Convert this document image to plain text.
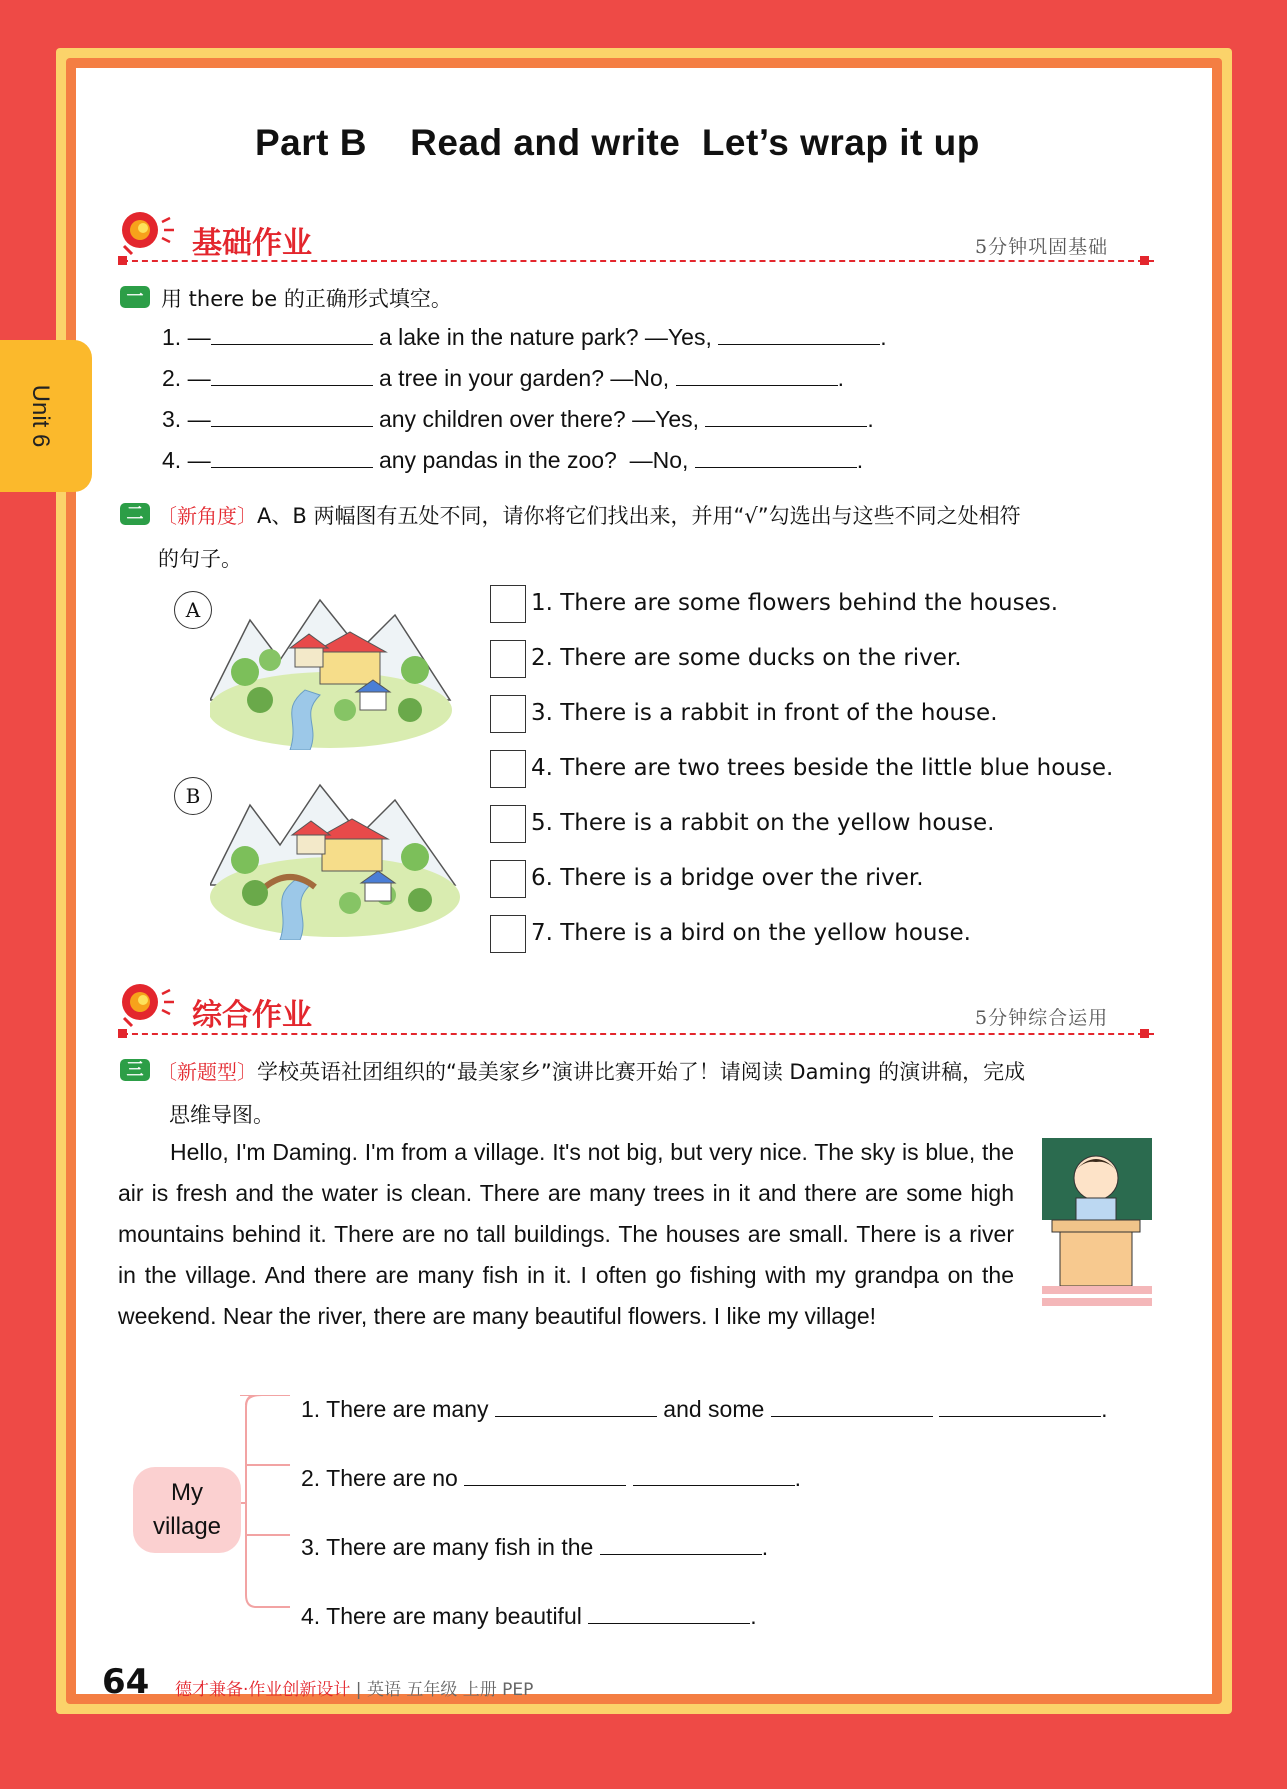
Part B    Read and write  Let’s wrap it up
Unit 6
基础作业	5分钟巩固基础
一 用 there be 的正确形式填空。
1. —	a lake in the nature park? —Yes,	.
2. —	a tree in your garden? —No,	.
3. —	any children over there? —Yes,	.
4. —	any pandas in the zoo?  —No,	.
二 〔新角度〕A、B 两幅图有五处不同，请你将它们找出来，并用“√”勾选出与这些不同之处相符
的句子。
A
B
1. There are some flowers behind the houses.
2. There are some ducks on the river.
3. There is a rabbit in front of the house.
4. There are two trees beside the little blue house.
5. There is a rabbit on the yellow house.
6. There is a bridge over the river.
7. There is a bird on the yellow house.
综合作业	5分钟综合运用
三 〔新题型〕学校英语社团组织的“最美家乡”演讲比赛开始了！请阅读 Daming 的演讲稿，完成
思维导图。

Hello, I'm Daming. I'm from a village. It's not big, but very nice. The sky is blue, the air is fresh and the water is clean. There are many trees in it and there are some high mountains behind it. There are no tall buildings. The houses are small. There is a river in the village. And there are many fish in it. I often go fishing with my grandpa on the weekend. Near the river, there are many beautiful flowers. I like my village!

My
village
1. There are many	and some	.
2. There are no	.
3. There are many fish in the	.
4. There are many beautiful	.
64 德才兼备·作业创新设计 | 英语 五年级 上册 PEP
